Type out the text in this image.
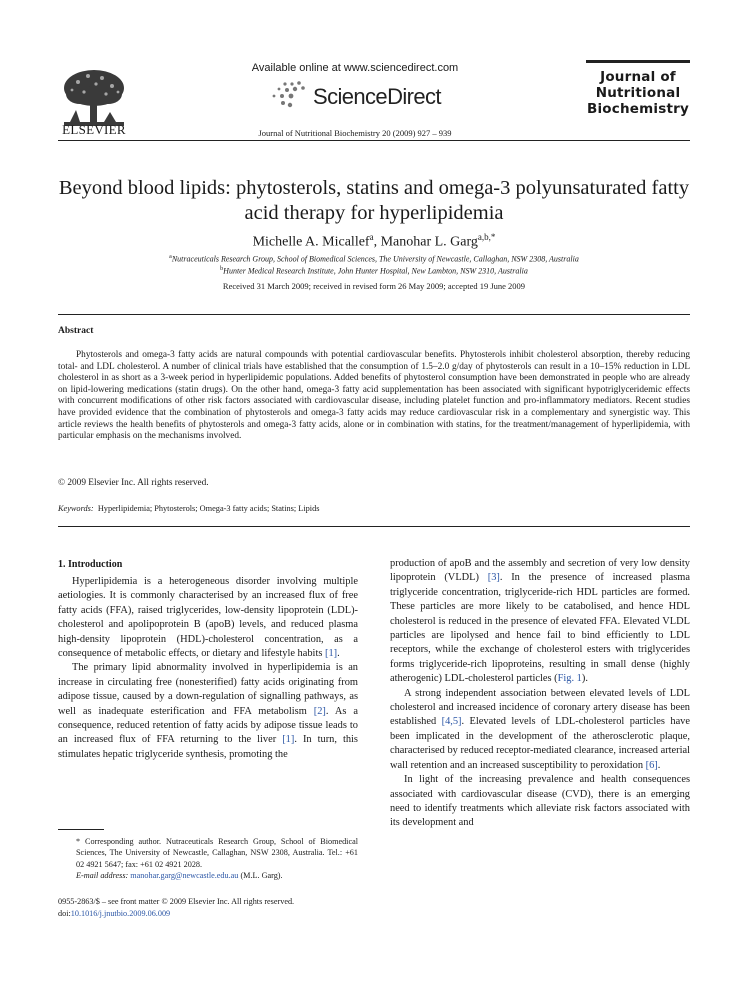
ELSEVIER
Available online at www.sciencedirect.com
ScienceDirect
Journal of Nutritional Biochemistry 20 (2009) 927 – 939
Journal of
Nutritional
Biochemistry
Beyond blood lipids: phytosterols, statins and omega-3 polyunsaturated fatty acid therapy for hyperlipidemia
Michelle A. Micallef$^a$, Manohar L. Garg$^{a,b,*}$
$^a$Nutraceuticals Research Group, School of Biomedical Sciences, The University of Newcastle, Callaghan, NSW 2308, Australia
$^b$Hunter Medical Research Institute, John Hunter Hospital, New Lambton, NSW 2310, Australia
Received 31 March 2009; received in revised form 26 May 2009; accepted 19 June 2009
Abstract
Phytosterols and omega-3 fatty acids are natural compounds with potential cardiovascular benefits. Phytosterols inhibit cholesterol absorption, thereby reducing total- and LDL cholesterol. A number of clinical trials have established that the consumption of 1.5–2.0 g/day of phytosterols can result in a 10–15% reduction in LDL cholesterol in as short as a 3-week period in hyperlipidemic populations. Added benefits of phytosterol consumption have been demonstrated in people who are already on lipid-lowering medications (statin drugs). On the other hand, omega-3 fatty acid supplementation has been associated with significant hypotriglyceridemic effects with concurrent modifications of other risk factors associated with cardiovascular disease, including platelet function and pro-inflammatory mediators. Recent studies have provided evidence that the combination of phytosterols and omega-3 fatty acids may reduce cardiovascular risk in a complementary and synergistic way. This article reviews the health benefits of phytosterols and omega-3 fatty acids, alone or in combination with statins, for the treatment/management of hyperlipidemia, with particular emphasis on the mechanisms involved.
© 2009 Elsevier Inc. All rights reserved.
Keywords: Hyperlipidemia; Phytosterols; Omega-3 fatty acids; Statins; Lipids
1. Introduction

Hyperlipidemia is a heterogeneous disorder involving multiple aetiologies. It is commonly characterised by an increased flux of free fatty acids (FFA), raised triglycerides, low-density lipoprotein (LDL)-cholesterol and apolipoprotein B (apoB) levels, and reduced plasma high-density lipoprotein (HDL)-cholesterol concentration, as a consequence of metabolic effects, or dietary and lifestyle habits [1].

The primary lipid abnormality involved in hyperlipidemia is an increase in circulating free (nonesterified) fatty acids originating from adipose tissue, caused by a down-regulation of signalling pathways, as well as inadequate esterification and FFA metabolism [2]. As a consequence, reduced retention of fatty acids by adipose tissue leads to an increased flux of FFA returning to the liver [1]. In turn, this stimulates hepatic triglyceride synthesis, promoting the

* Corresponding author. Nutraceuticals Research Group, School of Biomedical Sciences, The University of Newcastle, Callaghan, NSW 2308, Australia. Tel.: +61 02 4921 5647; fax: +61 02 4921 2028.
E-mail address: manohar.garg@newcastle.edu.au (M.L. Garg).
0955-2863/$ – see front matter © 2009 Elsevier Inc. All rights reserved.
doi:10.1016/j.jnutbio.2009.06.009

production of apoB and the assembly and secretion of very low density lipoprotein (VLDL) [3]. In the presence of increased plasma triglyceride concentration, triglyceride-rich HDL particles are formed. These particles are more likely to be catabolised, and hence HDL cholesterol is reduced in the presence of elevated FFA. Elevated VLDL particles are lipolysed and hence fail to bind efficiently to LDL receptors, while the exchange of cholesterol esters with triglycerides forms triglyceride-rich lipoproteins, resulting in small dense (highly atherogenic) LDL-cholesterol particles (Fig. 1).

A strong independent association between elevated levels of LDL cholesterol and increased incidence of coronary artery disease has been established [4,5]. Elevated levels of LDL-cholesterol particles have been implicated in the development of the atherosclerotic plaque, characterised by reduced receptor-mediated clearance, increased arterial wall retention and an increased susceptibility to peroxidation [6].

In light of the increasing prevalence and health consequences associated with cardiovascular disease (CVD), there is an emerging need to identify treatments which alleviate risk factors associated with its development and
